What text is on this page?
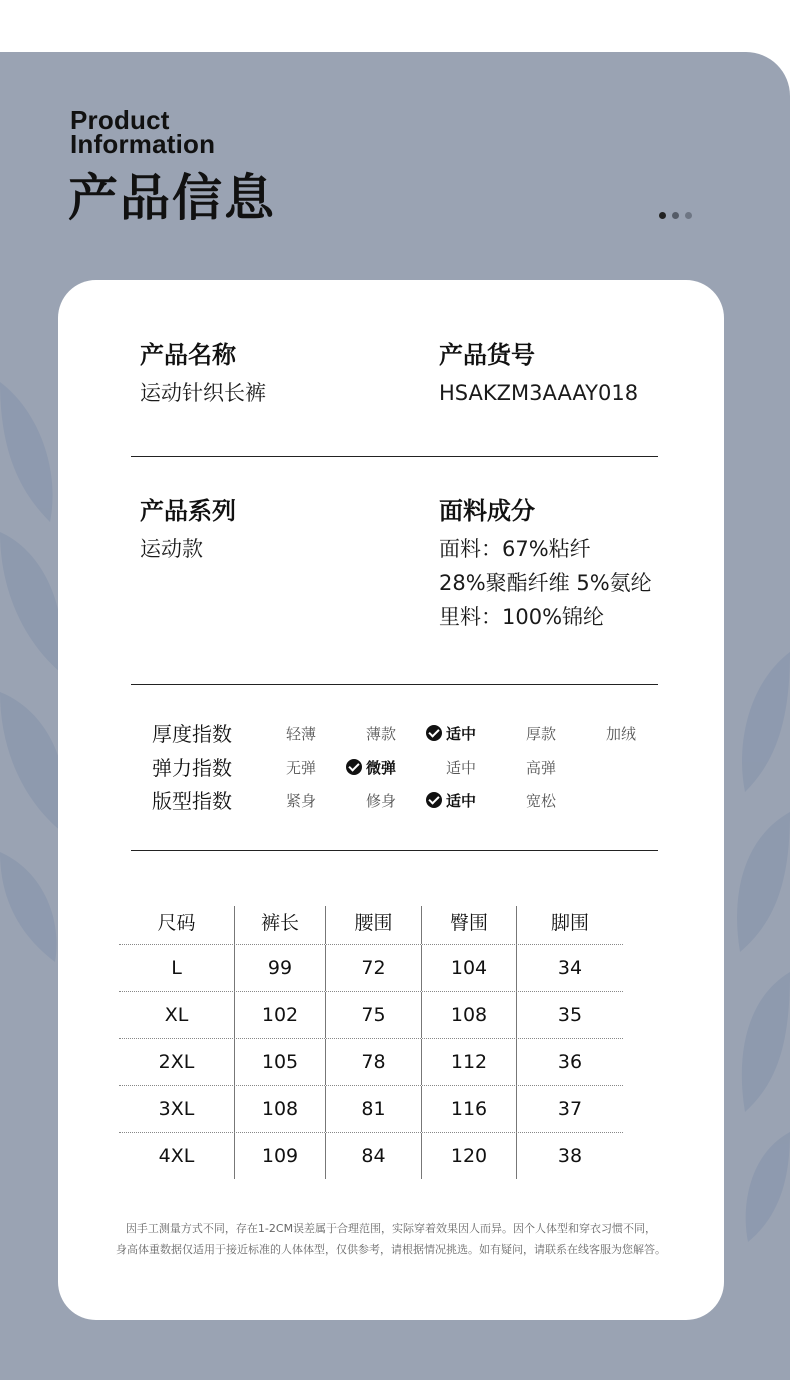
Product
Information
产品信息
产品名称
运动针织长裤
产品货号
HSAKZM3AAAY018
产品系列
运动款
面料成分
面料：67%粘纤
28%聚酯纤维 5%氨纶
里料：100%锦纶
厚度指数	轻薄	薄款	适中	厚款	加绒
弹力指数	无弹	微弹	适中	高弹
版型指数	紧身	修身	适中	宽松
尺码	裤长	腰围	臀围	脚围
L	99	72	104	34
XL	102	75	108	35
2XL	105	78	112	36
3XL	108	81	116	37
4XL	109	84	120	38
因手工测量方式不同，存在1-2CM误差属于合理范围，实际穿着效果因人而异。因个人体型和穿衣习惯不同，
身高体重数据仅适用于接近标准的人体体型，仅供参考，请根据情况挑选。如有疑问，请联系在线客服为您解答。
